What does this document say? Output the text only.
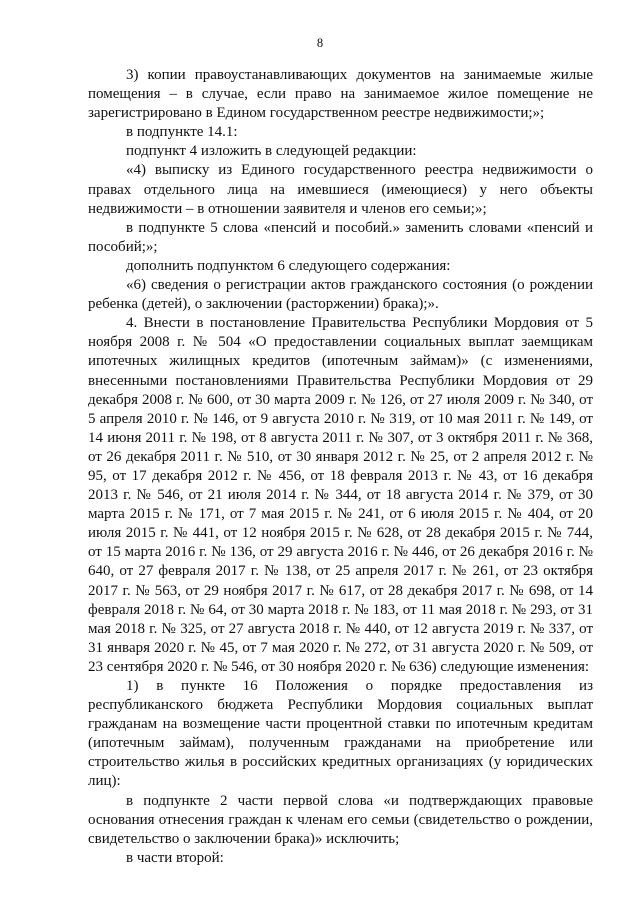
8

3) копии правоустанавливающих документов на занимаемые жилые помещения – в случае, если право на занимаемое жилое помещение не зарегистрировано в Едином государственном реестре недвижимости;»;

в подпункте 14.1:

подпункт 4 изложить в следующей редакции:

«4) выписку из Единого государственного реестра недвижимости о правах отдельного лица на имевшиеся (имеющиеся) у него объекты недвижимости – в отношении заявителя и членов его семьи;»;

в подпункте 5 слова «пенсий и пособий.» заменить словами «пенсий и пособий;»;

дополнить подпунктом 6 следующего содержания:

«6) сведения о регистрации актов гражданского состояния (о рождении ребенка (детей), о заключении (расторжении) брака);».

4. Внести в постановление Правительства Республики Мордовия от 5 ноября 2008 г. № 504 «О предоставлении социальных выплат заемщикам ипотечных жилищных кредитов (ипотечным займам)» (с изменениями, внесенными постановлениями Правительства Республики Мордовия от 29 декабря 2008 г. № 600, от 30 марта 2009 г. № 126, от 27 июля 2009 г. № 340, от 5 апреля 2010 г. № 146, от 9 августа 2010 г. № 319, от 10 мая 2011 г. № 149, от 14 июня 2011 г. № 198, от 8 августа 2011 г. № 307, от 3 октября 2011 г. № 368, от 26 декабря 2011 г. № 510, от 30 января 2012 г. № 25, от 2 апреля 2012 г. № 95, от 17 декабря 2012 г. № 456, от 18 февраля 2013 г. № 43, от 16 декабря 2013 г. № 546, от 21 июля 2014 г. № 344, от 18 августа 2014 г. № 379, от 30 марта 2015 г. № 171, от 7 мая 2015 г. № 241, от 6 июля 2015 г. № 404, от 20 июля 2015 г. № 441, от 12 ноября 2015 г. № 628, от 28 декабря 2015 г. № 744, от 15 марта 2016 г. № 136, от 29 августа 2016 г. № 446, от 26 декабря 2016 г. № 640, от 27 февраля 2017 г. № 138, от 25 апреля 2017 г. № 261, от 23 октября 2017 г. № 563, от 29 ноября 2017 г. № 617, от 28 декабря 2017 г. № 698, от 14 февраля 2018 г. № 64, от 30 марта 2018 г. № 183, от 11 мая 2018 г. № 293, от 31 мая 2018 г. № 325, от 27 августа 2018 г. № 440, от 12 августа 2019 г. № 337, от 31 января 2020 г. № 45, от 7 мая 2020 г. № 272, от 31 августа 2020 г. № 509, от 23 сентября 2020 г. № 546, от 30 ноября 2020 г. № 636) следующие изменения:

1) в пункте 16 Положения о порядке предоставления из республиканского бюджета Республики Мордовия социальных выплат гражданам на возмещение части процентной ставки по ипотечным кредитам (ипотечным займам), полученным гражданами на приобретение или строительство жилья в российских кредитных организациях (у юридических лиц):

в подпункте 2 части первой слова «и подтверждающих правовые основания отнесения граждан к членам его семьи (свидетельство о рождении, свидетельство о заключении брака)» исключить;

в части второй:
